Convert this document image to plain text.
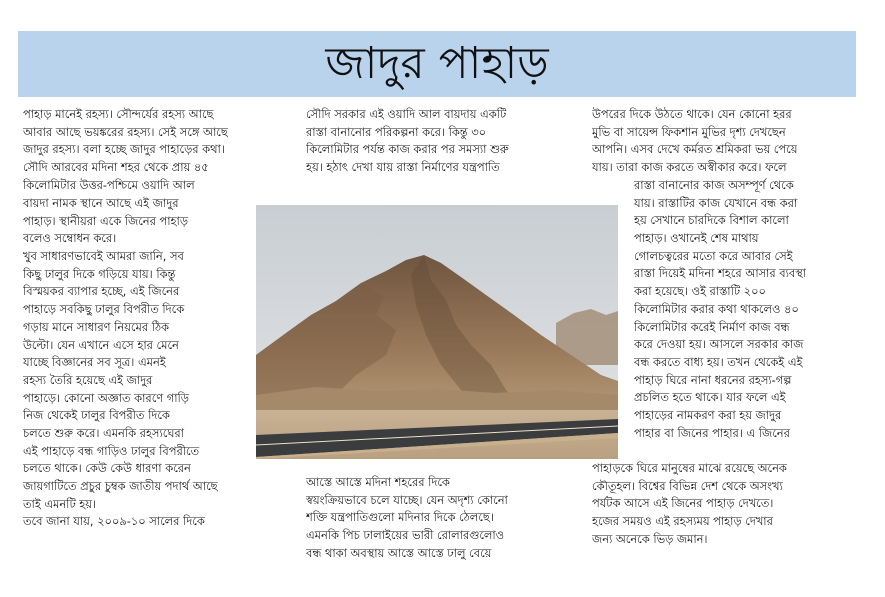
জাদুর পাহাড়
পাহাড় মানেই রহস্য। সৌন্দর্যের রহস্য আছে
আবার আছে ভয়ঙ্করের রহস্য। সেই সঙ্গে আছে
জাদুর রহস্য। বলা হচ্ছে জাদুর পাহাড়ের কথা।
সৌদি আরবের মদিনা শহর থেকে প্রায় ৪৫
কিলোমিটার উত্তর-পশ্চিমে ওয়াদি আল
বায়দা নামক স্থানে আছে এই জাদুর
পাহাড়। স্থানীয়রা একে জিনের পাহাড়
বলেও সম্বোধন করে।
খুব সাধারণভাবেই আমরা জানি, সব
কিছু ঢালুর দিকে গড়িয়ে যায়। কিন্তু
বিস্ময়কর ব্যাপার হচ্ছে, এই জিনের
পাহাড়ে সবকিছু ঢালুর বিপরীত দিকে
গড়ায় মানে সাধারণ নিয়মের ঠিক
উল্টো। যেন এখানে এসে হার মেনে
যাচ্ছে বিজ্ঞানের সব সূত্র। এমনই
রহস্য তৈরি হয়েছে এই জাদুর
পাহাড়ে। কোনো অজ্ঞাত কারণে গাড়ি
নিজ থেকেই ঢালুর বিপরীত দিকে
চলতে শুরু করে। এমনকি রহস্যঘেরা
এই পাহাড়ে বন্ধ গাড়িও ঢালুর বিপরীতে
চলতে থাকে। কেউ কেউ ধারণা করেন
জায়গাটিতে প্রচুর চুম্বক জাতীয় পদার্থ আছে
তাই এমনটি হয়।
তবে জানা যায়, ২০০৯-১০ সালের দিকে
সৌদি সরকার এই ওয়াদি আল বায়দায় একটি
রাস্তা বানানোর পরিকল্পনা করে। কিন্তু ৩০
কিলোমিটার পর্যন্ত কাজ করার পর সমস্যা শুরু
হয়। হঠাৎ দেখা যায় রাস্তা নির্মাণের যন্ত্রপাতি
আস্তে আস্তে মদিনা শহরের দিকে
স্বয়ংক্রিয়ভাবে চলে যাচ্ছে। যেন অদৃশ্য কোনো
শক্তি যন্ত্রপাতিগুলো মদিনার দিকে ঠেলছে।
এমনকি পিচ ঢালাইয়ের ভারী রোলারগুলোও
বন্ধ থাকা অবস্থায় আস্তে আস্তে ঢালু বেয়ে
উপরের দিকে উঠতে থাকে। যেন কোনো হরর
মুভি বা সায়েন্স ফিকশান মুভির দৃশ্য দেখছেন
আপনি। এসব দেখে কর্মরত শ্রমিকরা ভয় পেয়ে
যায়। তারা কাজ করতে অস্বীকার করে। ফলে
রাস্তা বানানোর কাজ অসম্পূর্ণ থেকে
যায়। রাস্তাটির কাজ যেখানে বন্ধ করা
হয় সেখানে চারদিকে বিশাল কালো
পাহাড়। ওখানেই শেষ মাথায়
গোলচত্বরের মতো করে আবার সেই
রাস্তা দিয়েই মদিনা শহরে আসার ব্যবস্থা
করা হয়েছে। ওই রাস্তাটি ২০০
কিলোমিটার করার কথা থাকলেও ৪০
কিলোমিটার করেই নির্মাণ কাজ বন্ধ
করে দেওয়া হয়। আসলে সরকার কাজ
বন্ধ করতে বাধ্য হয়। তখন থেকেই এই
পাহাড় ঘিরে নানা ধরনের রহস্য-গল্প
প্রচলিত হতে থাকে। যার ফলে এই
পাহাড়ের নামকরণ করা হয় জাদুর
পাহার বা জিনের পাহার। এ জিনের
পাহাড়কে ঘিরে মানুষের মাঝে রয়েছে অনেক
কৌতূহল। বিশ্বের বিভিন্ন দেশ থেকে অসংখ্য
পর্যটক আসে এই জিনের পাহাড় দেখতে।
হজের সময়ও এই রহস্যময় পাহাড় দেখার
জন্য অনেকে ভিড় জমান।
